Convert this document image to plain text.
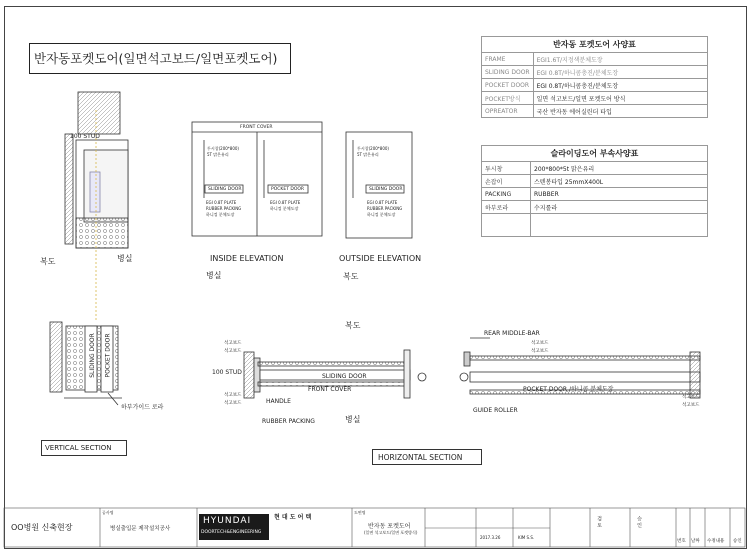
반자동포켓도어(일면석고보드/일면포켓도어)
반자동 포켓도어 사양표	
FRAME	EGI1.6T/지정색분체도장
SLIDING DOOR	EGI 0.8T/하니콤충진/분체도장
POCKET DOOR	EGI 0.8T/하니콤충진/분체도장
POCKET방식	일면 석고보드/일면 포켓도어 방식
OPREATOR	국산 반자동 에어실린더 타입
슬라이딩도어 부속사양표	
투시창	200*800*5t 맑은유리
손잡이	스텐봉타입 25mmX400L
PACKING	RUBBER
하부로라	수지롤라

100 STUD
복도	병실
FRONT COVER
투시창(200*800)
5T 맑은유리
SLIDING DOOR	POCKET DOOR
EGI 0.8T PLATE
RUBBER PACKING
하니컴 분체도장
EGI 0.8T PLATE
하니컴 분체도장
INSIDE ELEVATION
병실
투시창(200*800)
5T 맑은유리
SLIDING DOOR
EGI 0.8T PLATE
RUBBER PACKING
하니컴 분체도장
OUTSIDE ELEVATION
복도
SLIDING DOOR POCKET DOOR
하부가이드 로라
VERTICAL SECTION
복도
병실
석고보드
석고보드
석고보드
석고보드
100 STUD
SLIDING DOOR
FRONT COVER
HANDLE
RUBBER PACKING
REAR MIDDLE-BAR
석고보드
석고보드
POCKET DOOR /하니콤 분체도장
석고보드
석고보드
GUIDE ROLLER
HORIZONTAL SECTION
OO병원 신축현장
공사명
병실출입문 제작설치공사
HYUNDAI
DOORTECH&ENGINEERING
현 대 도 어 텍
도면명
반자동 포켓도어
(일면 석고보드/일면 포켓방식)
2017.3.26	KIM S.S.
검 토	승 인
번호 날짜 수정내용 승인
